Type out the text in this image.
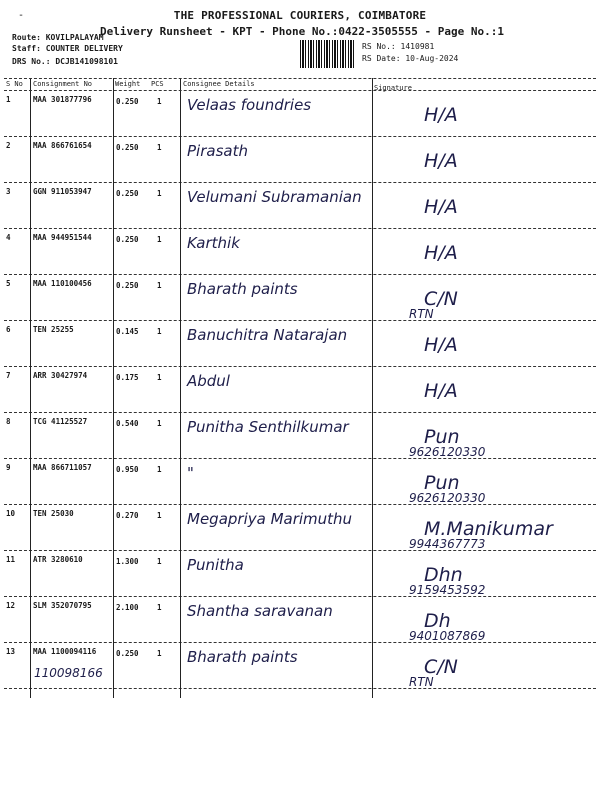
-	THE PROFESSIONAL COURIERS, COIMBATORE
Delivery Runsheet - KPT - Phone No.:0422-3505555 - Page No.:1
Route: KOVILPALAYAM
Staff: COUNTER DELIVERY
DRS No.: DCJB141098101
RS No.: 1410981
RS Date: 10-Aug-2024
S No Consignment No	Weight PCS	Consignee Details	Signature
1	MAA 301877796	0.250 1 Velaas foundries	H/A
2	MAA 866761654	0.250 1 Pirasath	H/A
3	GGN 911053947	0.250 1 Velumani Subramanian	H/A
4	MAA 944951544	0.250 1 Karthik	H/A
5	MAA 110100456	0.250 1 Bharath paints	C/N
RTN
6	TEN 25255	0.145 1 Banuchitra Natarajan	H/A
7	ARR 30427974	0.175 1 Abdul	H/A
8	TCG 41125527	0.540 1 Punitha Senthilkumar	Pun
9626120330
9	MAA 866711057	0.950 1 "	Pun
9626120330
10 TEN 25030	0.270 1 Megapriya Marimuthu	M.Manikumar
9944367773
11 ATR 3280610	1.300 1 Punitha	Dhn
9159453592
12 SLM 352070795	2.100 1 Shantha saravanan	Dh
9401087869
13 MAA 1100094116	0.250 1 Bharath paints	C/N
RTN
110098166
